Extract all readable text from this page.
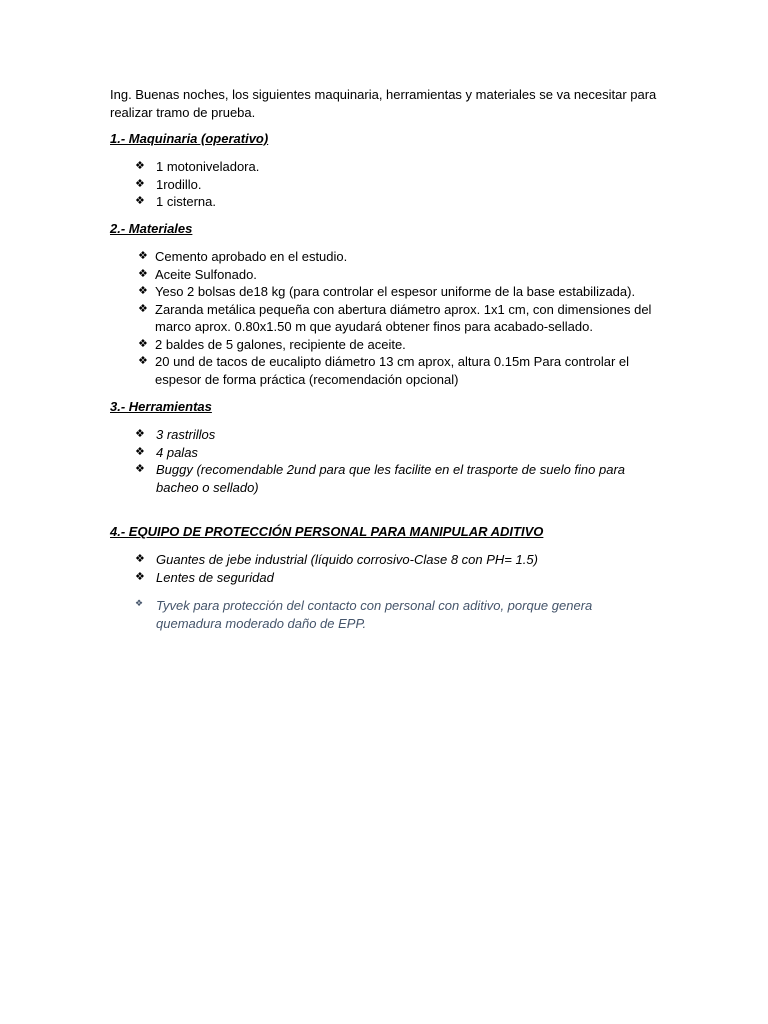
Ing. Buenas noches, los siguientes maquinaria, herramientas y materiales se va necesitar para realizar tramo de prueba.

1.- Maquinaria (operativo)
❖ 1 motoniveladora.
❖ 1rodillo.
❖ 1 cisterna.
2.- Materiales
❖ Cemento aprobado en el estudio.
❖ Aceite Sulfonado.
❖ Yeso 2 bolsas de18 kg (para controlar el espesor uniforme de la base estabilizada).
❖ Zaranda metálica pequeña con abertura diámetro aprox. 1x1 cm, con dimensiones del marco aprox. 0.80x1.50 m que ayudará obtener finos para acabado-sellado.
❖ 2 baldes de 5 galones, recipiente de aceite.
❖ 20 und de tacos de eucalipto diámetro 13 cm aprox, altura 0.15m Para controlar el espesor de forma práctica (recomendación opcional)
3.- Herramientas
❖ 3 rastrillos
❖ 4 palas
❖ Buggy (recomendable 2und para que les facilite en el trasporte de suelo fino para bacheo o sellado)
4.- EQUIPO DE PROTECCIÓN PERSONAL PARA MANIPULAR ADITIVO
❖ Guantes de jebe industrial (líquido corrosivo-Clase 8 con PH= 1.5)
❖ Lentes de seguridad
❖ Tyvek para protección del contacto con personal con aditivo, porque genera quemadura moderado daño de EPP.
